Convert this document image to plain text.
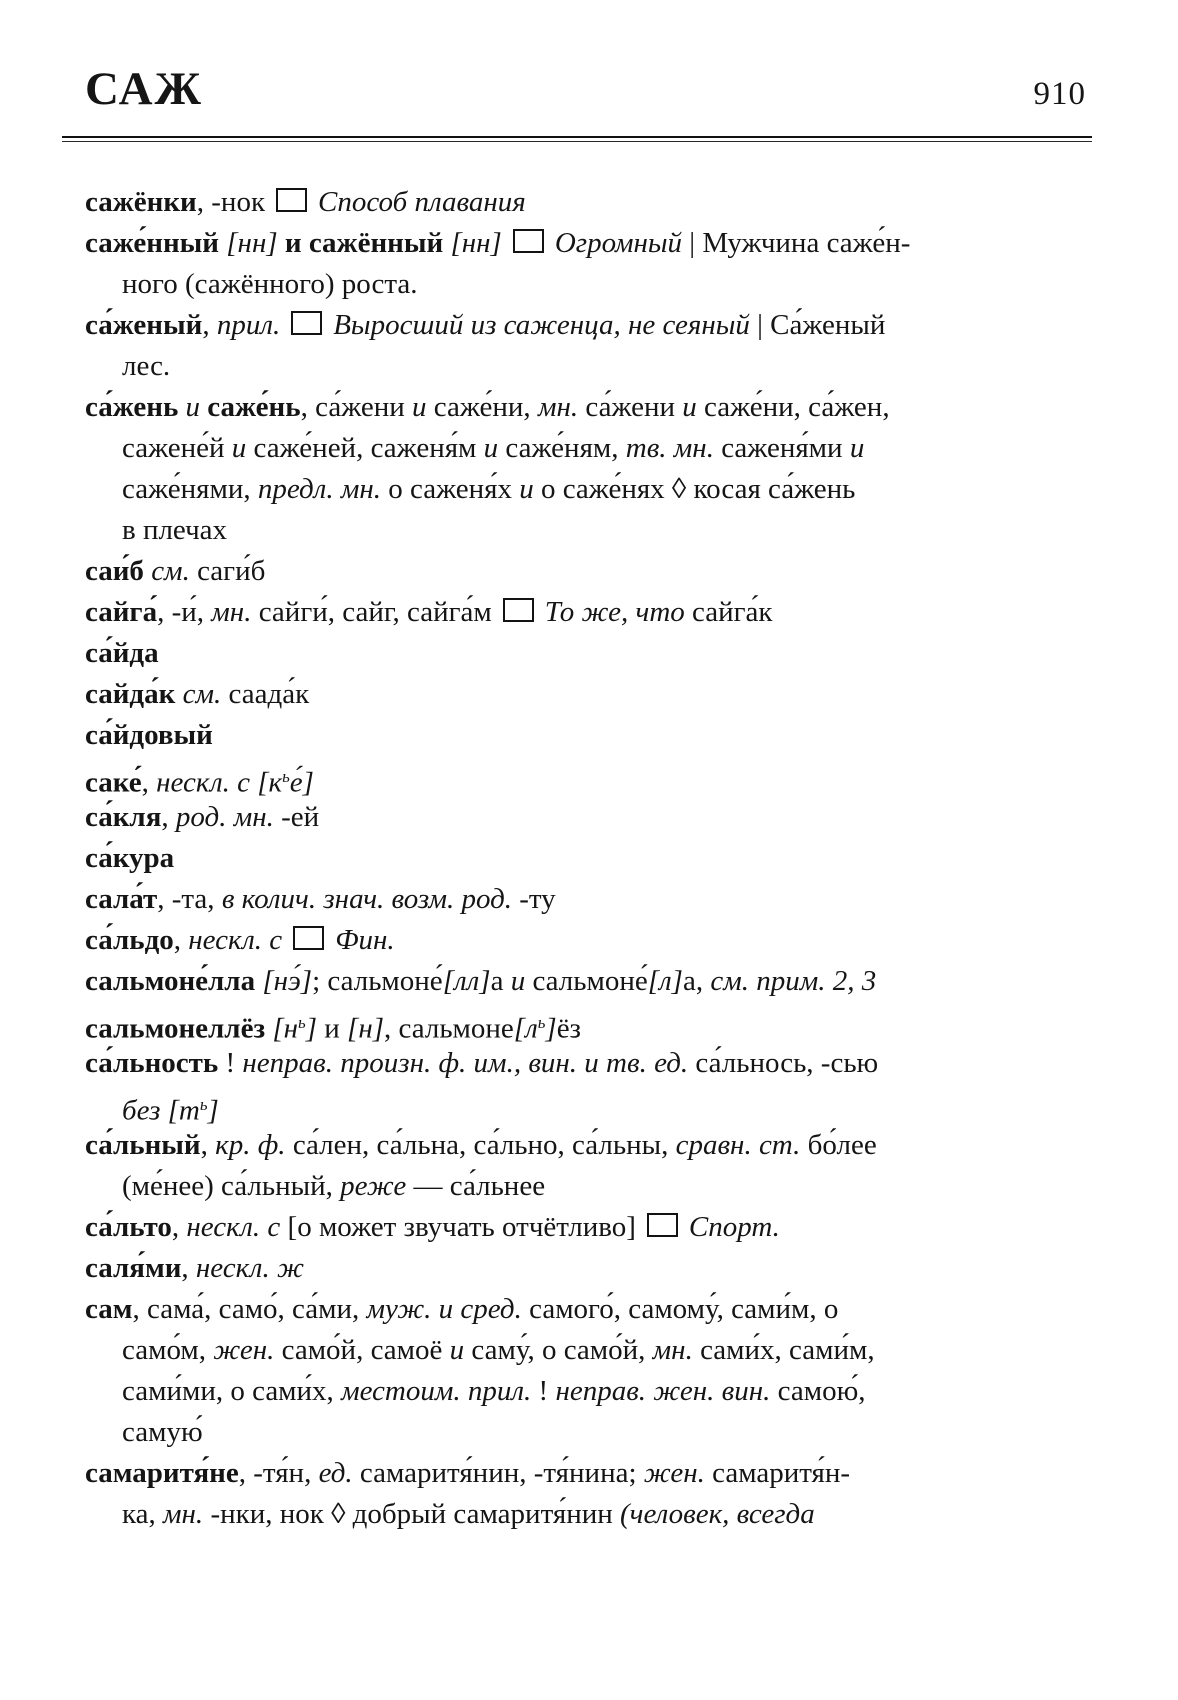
САЖ	910
сажёнки, -нок Способ плавания
саже́нный [нн] и сажённый [нн] Огромный | Мужчина саже́н-
ного (сажённого) роста.
са́женый, прил. Выросший из саженца, не сеяный | Са́женый
лес.
са́жень и саже́нь, са́жени и саже́ни, мн. са́жени и саже́ни, са́жен,
сажене́й и саже́ней, саженя́м и саже́ням, тв. мн. саженя́ми и
саже́нями, предл. мн. о саженя́х и о саже́нях ◊ косая са́жень
в плечах
саи́б см. саги́б
сайга́, -и́, мн. сайги́, сайг, сайга́м То же, что сайга́к
са́йда
сайда́к см. саада́к
са́йдовый
саке́, нескл. с $[к^ье́]$
са́кля, род. мн. -ей
са́кура
сала́т, -та, в колич. знач. возм. род. -ту
са́льдо, нескл. с Фин.
сальмоне́лла [нэ́]; сальмоне́[лл]а и сальмоне́[л]а, см. прим. 2, 3
сальмонеллёз $[н^ь]$ и [н], $сальмоне[л^ь]ёз$
са́льность ! неправ. произн. ф. им., вин. и тв. ед. са́льнось, -сью
без $[т^ь]$
са́льный, кр. ф. са́лен, са́льна, са́льно, са́льны, сравн. ст. бо́лее
(ме́нее) са́льный, реже — са́льнее
са́льто, нескл. с [о может звучать отчётливо] Спорт.
саля́ми, нескл. ж
сам, сама́, само́, са́ми, муж. и сред. самого́, самому́, сами́м, о
само́м, жен. само́й, самоё и саму́, о само́й, мн. сами́х, сами́м,
сами́ми, о сами́х, местоим. прил. ! неправ. жен. вин. самою́,
самую́
самаритя́не, -тя́н, ед. самаритя́нин, -тя́нина; жен. самаритя́н-
ка, мн. -нки, нок ◊ добрый самаритя́нин (человек, всегда
